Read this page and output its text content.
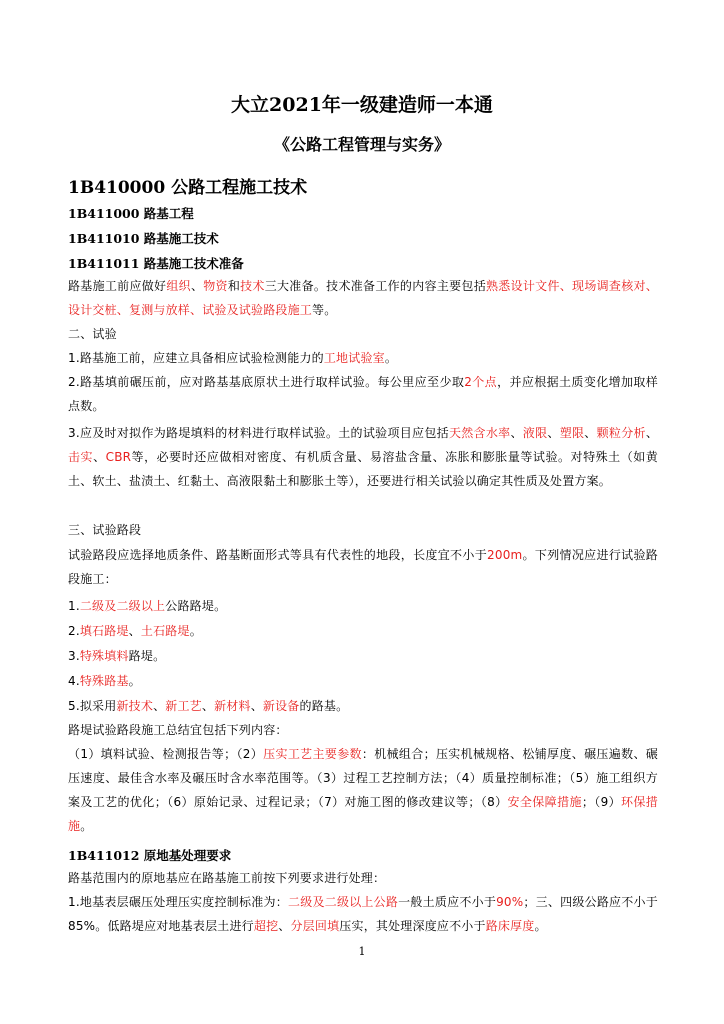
大立2021年一级建造师一本通
《公路工程管理与实务》
1B410000 公路工程施工技术
1B411000 路基工程
1B411010 路基施工技术
1B411011 路基施工技术准备
路基施工前应做好组织、物资和技术三大准备。技术准备工作的内容主要包括熟悉设计文件、现场调查核对、设计交桩、复测与放样、试验及试验路段施工等。
二、试验
1.路基施工前，应建立具备相应试验检测能力的工地试验室。
2.路基填前碾压前，应对路基基底原状土进行取样试验。每公里应至少取2个点，并应根据土质变化增加取样点数。
3.应及时对拟作为路堤填料的材料进行取样试验。土的试验项目应包括天然含水率、液限、塑限、颗粒分析、击实、CBR等，必要时还应做相对密度、有机质含量、易溶盐含量、冻胀和膨胀量等试验。对特殊土（如黄土、软土、盐渍土、红黏土、高液限黏土和膨胀土等），还要进行相关试验以确定其性质及处置方案。
三、试验路段
试验路段应选择地质条件、路基断面形式等具有代表性的地段，长度宜不小于200m。下列情况应进行试验路段施工：
1.二级及二级以上公路路堤。
2.填石路堤、土石路堤。
3.特殊填料路堤。
4.特殊路基。
5.拟采用新技术、新工艺、新材料、新设备的路基。
路堤试验路段施工总结宜包括下列内容：
（1）填料试验、检测报告等；（2）压实工艺主要参数：机械组合；压实机械规格、松铺厚度、碾压遍数、碾压速度、最佳含水率及碾压时含水率范围等。（3）过程工艺控制方法；（4）质量控制标准；（5）施工组织方案及工艺的优化；（6）原始记录、过程记录；（7）对施工图的修改建议等；（8）安全保障措施；（9）环保措施。
1B411012 原地基处理要求
路基范围内的原地基应在路基施工前按下列要求进行处理：
1.地基表层碾压处理压实度控制标准为：二级及二级以上公路一般土质应不小于90%；三、四级公路应不小于85%。低路堤应对地基表层土进行超挖、分层回填压实，其处理深度应不小于路床厚度。
1
